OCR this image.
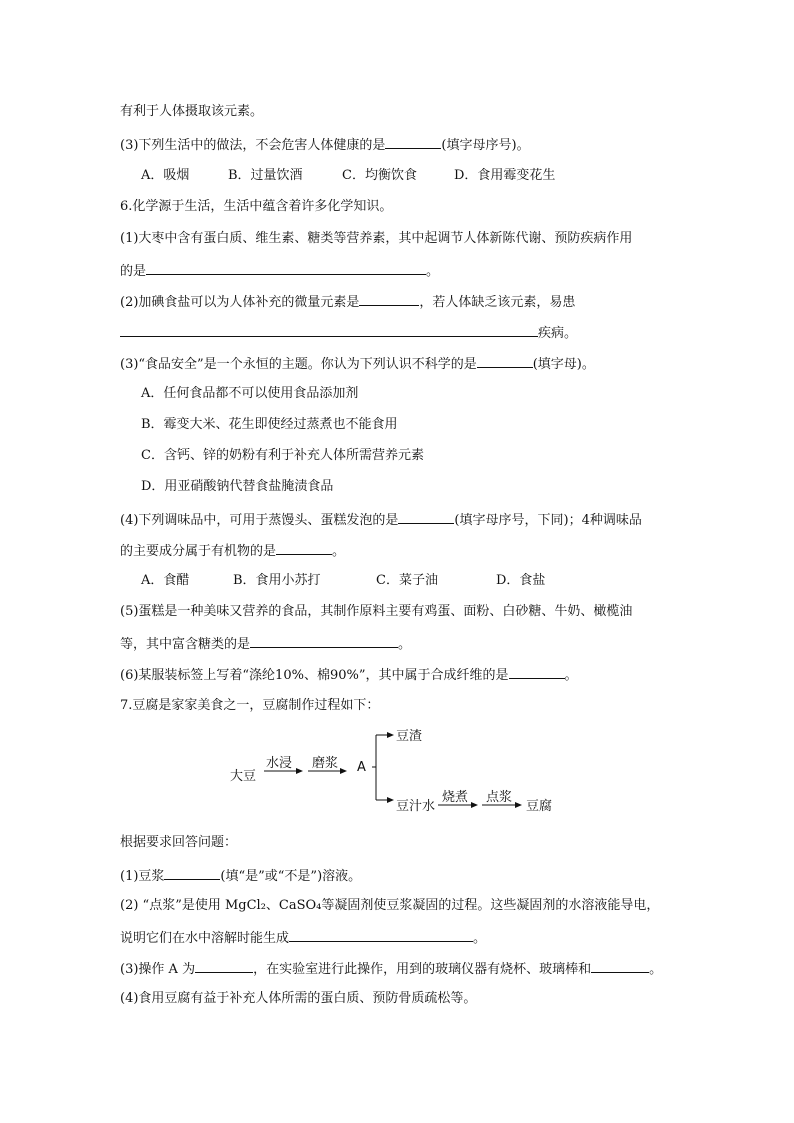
有利于人体摄取该元素。
(3)下列生活中的做法，不会危害人体健康的是	(填字母序号)。
A．吸烟	B．过量饮酒	C．均衡饮食	D．食用霉变花生
6.化学源于生活，生活中蕴含着许多化学知识。
(1)大枣中含有蛋白质、维生素、糖类等营养素，其中起调节人体新陈代谢、预防疾病作用
的是	。
(2)加碘食盐可以为人体补充的微量元素是	，若人体缺乏该元素，易患
疾病。
(3)“食品安全”是一个永恒的主题。你认为下列认识不科学的是	(填字母)。
A．任何食品都不可以使用食品添加剂
B．霉变大米、花生即使经过蒸煮也不能食用
C．含钙、锌的奶粉有利于补充人体所需营养元素
D．用亚硝酸钠代替食盐腌渍食品
(4)下列调味品中，可用于蒸馒头、蛋糕发泡的是	(填字母序号，下同)；4种调味品
的主要成分属于有机物的是	。
A．食醋	B．食用小苏打	C．菜子油	D．食盐
(5)蛋糕是一种美味又营养的食品，其制作原料主要有鸡蛋、面粉、白砂糖、牛奶、橄榄油
等，其中富含糖类的是	。
(6)某服装标签上写着“涤纶10%、棉90%”，其中属于合成纤维的是	。
7.豆腐是家家美食之一，豆腐制作过程如下：
大豆
水浸 磨浆 A
豆渣
豆汁水
烧煮 点浆
豆腐
根据要求回答问题：
(1)豆浆	(填“是”或“不是”)溶液。
(2) “点浆”是使用 MgCl₂、CaSO₄等凝固剂使豆浆凝固的过程。这些凝固剂的水溶液能导电，
说明它们在水中溶解时能生成	。
(3)操作 A 为	，在实验室进行此操作，用到的玻璃仪器有烧杯、玻璃棒和	。
(4)食用豆腐有益于补充人体所需的蛋白质、预防骨质疏松等。
